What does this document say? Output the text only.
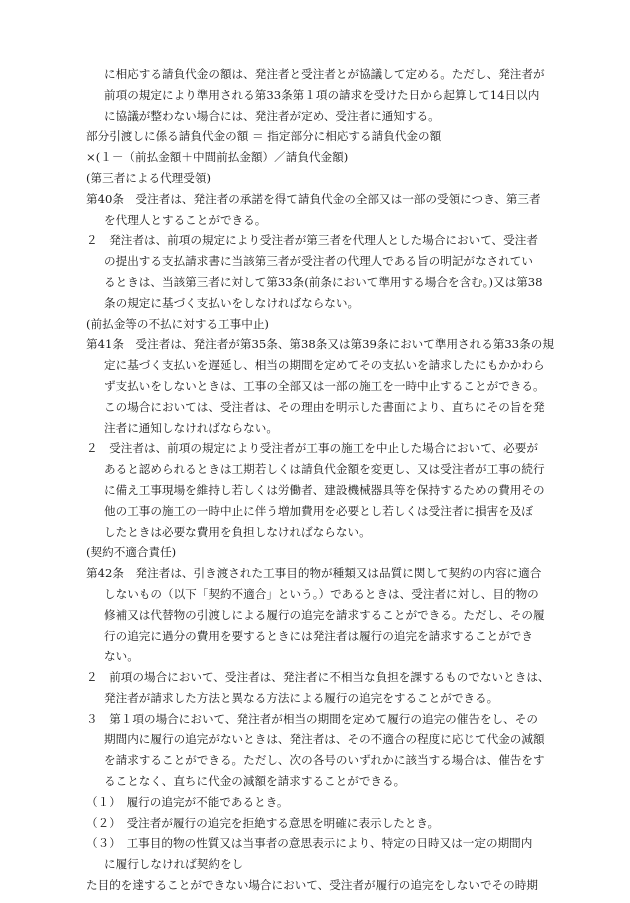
に相応する請負代金の額は、発注者と受注者とが協議して定める。ただし、発注者が
前項の規定により準用される第33条第１項の請求を受けた日から起算して14日以内
に協議が整わない場合には、発注者が定め、受注者に通知する。
部分引渡しに係る請負代金の額 ＝ 指定部分に相応する請負代金の額
×(１－（前払金額＋中間前払金額）／請負代金額)
(第三者による代理受領)
第40条　受注者は、発注者の承諾を得て請負代金の全部又は一部の受領につき、第三者
を代理人とすることができる。
２　発注者は、前項の規定により受注者が第三者を代理人とした場合において、受注者
の提出する支払請求書に当該第三者が受注者の代理人である旨の明記がなされてい
るときは、当該第三者に対して第33条(前条において準用する場合を含む。)又は第38
条の規定に基づく支払いをしなければならない。
(前払金等の不払に対する工事中止)
第41条　受注者は、発注者が第35条、第38条又は第39条において準用される第33条の規
定に基づく支払いを遅延し、相当の期間を定めてその支払いを請求したにもかかわら
ず支払いをしないときは、工事の全部又は一部の施工を一時中止することができる。
この場合においては、受注者は、その理由を明示した書面により、直ちにその旨を発
注者に通知しなければならない。
２　受注者は、前項の規定により受注者が工事の施工を中止した場合において、必要が
あると認められるときは工期若しくは請負代金額を変更し、又は受注者が工事の続行
に備え工事現場を維持し若しくは労働者、建設機械器具等を保持するための費用その
他の工事の施工の一時中止に伴う増加費用を必要とし若しくは受注者に損害を及ぼ
したときは必要な費用を負担しなければならない。
(契約不適合責任)
第42条　発注者は、引き渡された工事目的物が種類又は品質に関して契約の内容に適合
しないもの（以下「契約不適合」という。）であるときは、受注者に対し、目的物の
修補又は代替物の引渡しによる履行の追完を請求することができる。ただし、その履
行の追完に過分の費用を要するときには発注者は履行の追完を請求することができ
ない。
２　前項の場合において、受注者は、発注者に不相当な負担を課するものでないときは、
発注者が請求した方法と異なる方法による履行の追完をすることができる。
３　第１項の場合において、発注者が相当の期間を定めて履行の追完の催告をし、その
期間内に履行の追完がないときは、発注者は、その不適合の程度に応じて代金の減額
を請求することができる。ただし、次の各号のいずれかに該当する場合は、催告をす
ることなく、直ちに代金の減額を請求することができる。
（１）　履行の追完が不能であるとき。
（２）　受注者が履行の追完を拒絶する意思を明確に表示したとき。
（３）　工事目的物の性質又は当事者の意思表示により、特定の日時又は一定の期間内
に履行しなければ契約をし
た目的を達することができない場合において、受注者が履行の追完をしないでその時期
